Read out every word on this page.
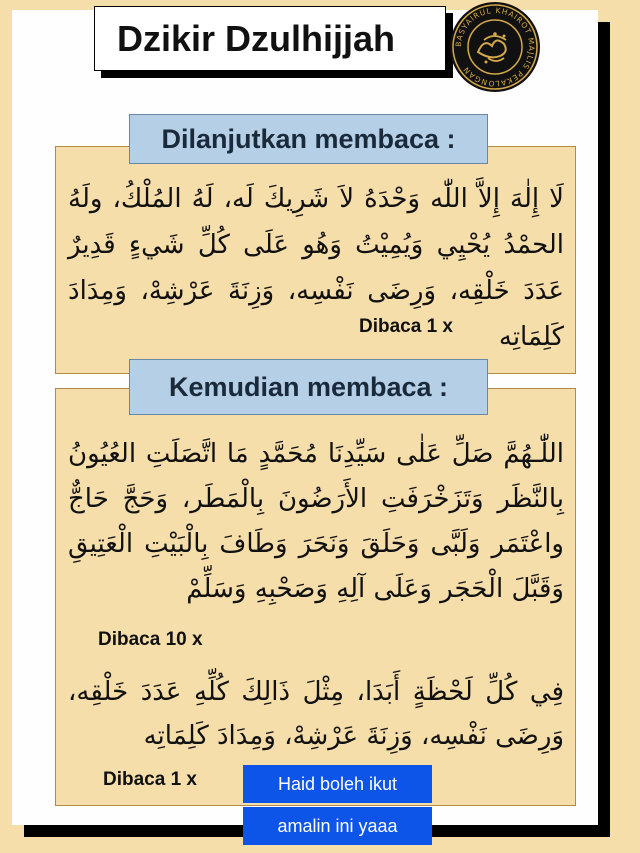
Dzikir Dzulhijjah	BASYAIRUL KHAIROT MAJLIS PEKALONGAN
Dilanjutkan membaca :
لَا إِلٰهَ إِلاَّ اللّٰه وَحْدَهُ لاَ شَرِيكَ لَه، لَهُ المُلْكُ، ولَهُ الحمْدُ يُحْيِي وَيُمِيْتُ وَهُو عَلَى كُلِّ شَيءٍ قَدِيرٌ عَدَدَ خَلْقِه، وَرِضَى نَفْسِه، وَزِنَةَ عَرْشِهْ، وَمِدَادَ كَلِمَاتِه
Dibaca 1 x
Kemudian membaca :
اللّٰـهُمَّ صَلِّ عَلٰى سَيِّدِنَا مُحَمَّدٍ مَا اتَّصَلَتِ العُيُونُ بِالنَّظَر وَتَزَخْرَفَتِ الأَرَضُونَ بِالْمَطَر، وَحَجَّ حَاجٌّ واعْتَمَر وَلَبَّى وَحَلَقَ وَنَحَرَ وَطَافَ بِالْبَيْتِ الْعَتِيقِ وَقَبَّلَ الْحَجَر وَعَلَى آلِهِ وَصَحْبِهِ وَسَلِّمْ
Dibaca 10 x
فِي كُلِّ لَحْظَةٍ أَبَدَا، مِثْلَ ذَالِكَ كُلِّهِ عَدَدَ خَلْقِه، وَرِضَى نَفْسِه، وَزِنَةَ عَرْشِهْ، وَمِدَادَ كَلِمَاتِه
Dibaca 1 x	Haid boleh ikut
amalin ini yaaa
